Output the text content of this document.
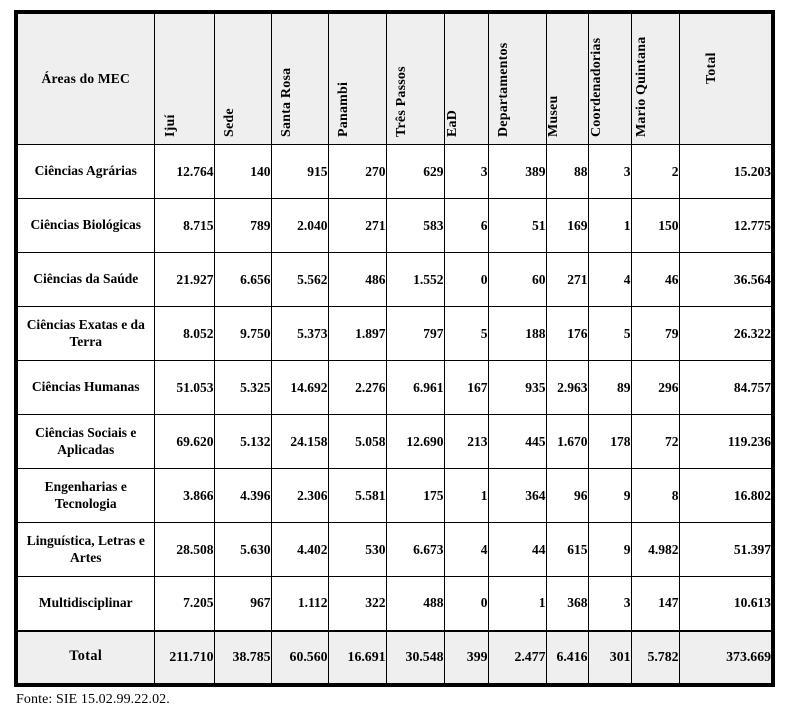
Áreas do MEC	Ijuí	Sede	Santa Rosa	Panambi	Três Passos	EaD	Departamentos	Museu	Coordenadorias	Mario Quintana	Total

Ciências Agrárias	12.764	140	915	270	629	3	389	88	3	2	15.203
Ciências Biológicas	8.715	789	2.040	271	583	6	51	169	1	150	12.775
Ciências da Saúde	21.927	6.656	5.562	486	1.552	0	60	271	4	46	36.564
Ciências Exatas e da Terra	8.052	9.750	5.373	1.897	797	5	188	176	5	79	26.322
Ciências Humanas	51.053	5.325	14.692	2.276	6.961	167	935	2.963	89	296	84.757
Ciências Sociais e Aplicadas	69.620	5.132	24.158	5.058	12.690	213	445	1.670	178	72	119.236
Engenharias e Tecnologia	3.866	4.396	2.306	5.581	175	1	364	96	9	8	16.802
Linguística, Letras e Artes	28.508	5.630	4.402	530	6.673	4	44	615	9	4.982	51.397
Multidisciplinar	7.205	967	1.112	322	488	0	1	368	3	147	10.613
Total	211.710	38.785	60.560	16.691	30.548	399	2.477	6.416	301	5.782	373.669
Fonte: SIE 15.02.99.22.02.
